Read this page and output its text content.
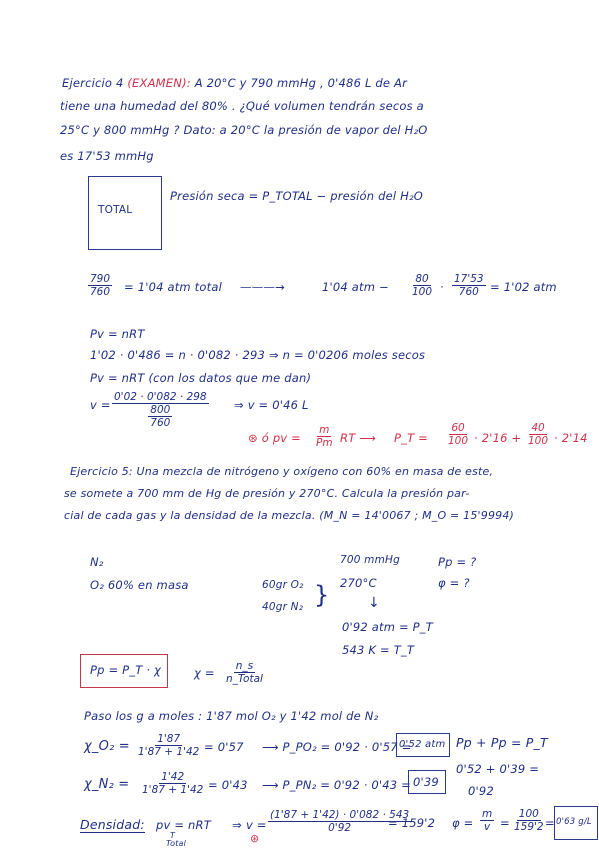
Ejercicio 4 (EXAMEN): A 20°C y 790 mmHg , 0'486 L de Ar
tiene una humedad del 80% . ¿Qué volumen tendrán secos a
25°C y 800 mmHg ? Dato: a 20°C la presión de vapor del H₂O
es 17'53 mmHg
TOTAL
Presión seca = P_TOTAL − presión del H₂O
$\frac{790}{760} = 1'04$ atm total ———→	1'04 atm − $\frac{80}{100} \cdot \frac{17'53}{760} = 1'02$ atm
Pv = nRT
1'02 · 0'486 = n · 0'082 · 293 ⇒ n = 0'0206 moles secos
Pv = nRT (con los datos que me dan)
v = 0'02 · 0'082 · 298
800
760 ⇒ v = 0'46 L
⊛ ó pv = $\frac{m}{Pm}$ RT ⟶ P_T = $\frac{60}{100} \cdot 2'16 + \frac{40}{100} \cdot 2'14$
Ejercicio 5: Una mezcla de nitrógeno y oxígeno con 60% en masa de este,
se somete a 700 mm de Hg de presión y 270°C. Calcula la presión par-
cial de cada gas y la densidad de la mezcla. (M_N = 14'0067 ; M_O = 15'9994)
N₂
O₂ 60% en masa
700 mmHg
270°C
60gr O₂
40gr N₂ }	↓
0'92 atm = P_T
543 K = T_T
Pp = ?
φ = ?
Pp = P_T · χ	χ = n_s
n_Total
Paso los g a moles : 1'87 mol O₂ y 1'42 mol de N₂
χ_O₂ = $\frac{1'87}{1'87 + 1'42} = 0'57$ ⟶ P_PO₂ = 0'92 · 0'57 =
0'52 atm Pp + Pp = P_T
χ_N₂ = $\frac{1'42}{1'87 + 1'42} = 0'43$ ⟶ P_PN₂ = 0'92 · 0'43 = 0'39
0'52 + 0'39 =
0'92
Densidad: pv = nRT
T
Total
⇒ v =
⊛
$\frac{(1'87 + 1'42) \cdot 0'082 \cdot 543}{0'92}$
= 159'2 $\varphi = \frac{m}{v} = \frac{100}{159'2} = 0'63$ g/L
